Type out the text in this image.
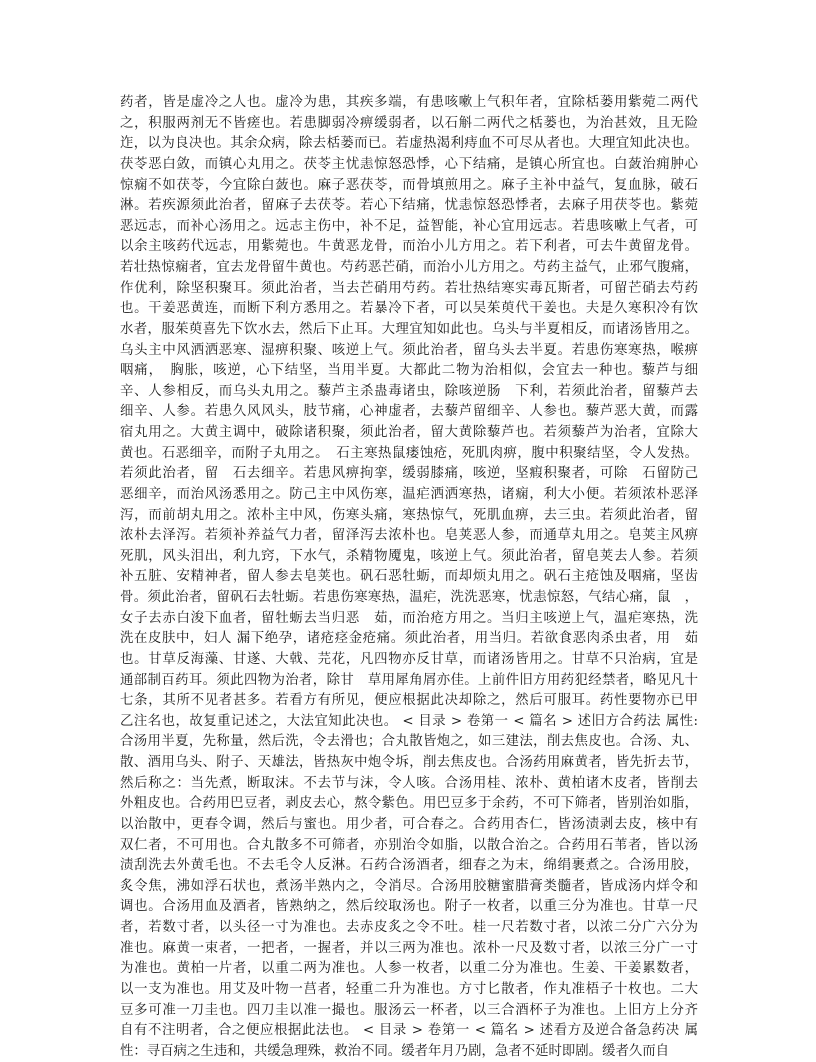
药者，皆是虚冷之人也。虚冷为患，其疾多端，有患咳嗽上气积年者，宜除栝蒌用紫菀二两代
之，积服两剂无不皆瘥也。若患脚弱冷痹缓弱者，以石斛二两代之栝蒌也，为治甚效，且无险
迮，以为良决也。其余众病，除去栝蒌而已。若虚热渴利痔血不可尽从者也。大理宜知此决也。
茯苓恶白敛，而镇心丸用之。茯苓主忧恚惊怒恐悸，心下结痛，是镇心所宜也。白蔹治痈肿心
惊痫不如茯苓，今宜除白蔹也。麻子恶茯苓，而骨填煎用之。麻子主补中益气，复血脉，破石
淋。若疾源须此治者，留麻子去茯苓。若心下结痛，忧恚惊怒恐悸者，去麻子用茯苓也。紫菀
恶远志，而补心汤用之。远志主伤中，补不足，益智能，补心宜用远志。若患咳嗽上气者，可
以余主咳药代远志，用紫菀也。牛黄恶龙骨，而治小儿方用之。若下利者，可去牛黄留龙骨。
若壮热惊痫者，宜去龙骨留牛黄也。芍药恶芒硝，而治小儿方用之。芍药主益气，止邪气腹痛，
作优利，除坚积聚耳。须此治者，当去芒硝用芍药。若壮热结寒实毒瓦斯者，可留芒硝去芍药
也。干姜恶黄连，而断下利方悉用之。若暴冷下者，可以吴茱萸代干姜也。夫是久寒积冷有饮
水者，服茱萸喜先下饮水去，然后下止耳。大理宜知如此也。乌头与半夏相反，而诸汤皆用之。
乌头主中风洒洒恶寒、湿痹积聚、咳逆上气。须此治者，留乌头去半夏。若患伤寒寒热，喉痹
咽痛，　胸胀，咳逆，心下结坚，当用半夏。大都此二物为治相似，会宜去一种也。藜芦与细
辛、人参相反，而乌头丸用之。藜芦主杀蛊毒诸虫，除咳逆肠　下利，若须此治者，留藜芦去
细辛、人参。若患久风风头，肢节痛，心神虚者，去藜芦留细辛、人参也。藜芦恶大黄，而露
宿丸用之。大黄主调中，破除诸积聚，须此治者，留大黄除藜芦也。若须藜芦为治者，宜除大
黄也。石恶细辛，而附子丸用之。　石主寒热鼠瘘蚀疮，死肌肉痹，腹中积聚结坚，令人发热。
若须此治者，留　石去细辛。若患风痹拘挛，缓弱膝痛，咳逆，坚瘕积聚者，可除　石留防己
恶细辛，而治风汤悉用之。防己主中风伤寒，温疟洒洒寒热，诸痫，利大小便。若须浓朴恶泽
泻，而前胡丸用之。浓朴主中风，伤寒头痛，寒热惊气，死肌血痹，去三虫。若须此治者，留
浓朴去泽泻。若须补养益气力者，留泽泻去浓朴也。皂荚恶人参，而通草丸用之。皂荚主风痹
死肌，风头泪出，利九窍，下水气，杀精物魇鬼，咳逆上气。须此治者，留皂荚去人参。若须
补五脏、安精神者，留人参去皂荚也。矾石恶牡蛎，而却烦丸用之。矾石主疮蚀及咽痛，坚齿
骨。须此治者，留矾石去牡蛎。若患伤寒寒热，温疟，洗洗恶寒，忧恚惊怒，气结心痛，鼠　，
女子去赤白浚下血者，留牡蛎去当归恶　茹，而治疮方用之。当归主咳逆上气，温疟寒热，洗
洗在皮肤中，妇人 漏下绝孕，诸疮痉金疮痛。须此治者，用当归。若欲食恶肉杀虫者，用　茹
也。甘草反海藻、甘遂、大戟、芫花，凡四物亦反甘草，而诸汤皆用之。甘草不只治病，宜是
通部制百药耳。须此四物为治者，除甘　草用犀角屑亦佳。上前件旧方用药犯经禁者，略见凡十
七条，其所不见者甚多。若看方有所见，便应根据此决却除之，然后可服耳。药性要物亦已甲
乙注名也，故复重记述之，大法宜知此决也。 < 目录 > 卷第一 < 篇名 > 述旧方合药法 属性:
合汤用半夏，先称量，然后洗，令去滑也；合丸散皆炮之，如三建法，削去焦皮也。合汤、丸、
散、酒用乌头、附子、天雄法，皆热灰中炮令坼，削去焦皮也。合汤药用麻黄者，皆先折去节，
然后称之：当先煮，断取沫。不去节与沫，令人咳。合汤用桂、浓朴、黄柏诸木皮者，皆削去
外粗皮也。合药用巴豆者，剥皮去心，熬令紫色。用巴豆多于余药，不可下筛者，皆别治如脂，
以治散中，更春令调，然后与蜜也。用少者，可合春之。合药用杏仁，皆汤渍剥去皮，核中有
双仁者，不可用也。合丸散多不可筛者，亦别治令如脂，以散合治之。合药用石苇者，皆以汤
渍刮洗去外黄毛也。不去毛令人反淋。石药合汤酒者，细春之为末，绵绢裹煮之。合汤用胶，
炙令焦，沸如浮石状也，煮汤半熟内之，令消尽。合汤用胶糖蜜腊膏类髓者，皆成汤内烊令和
调也。合汤用血及酒者，皆熟纳之，然后绞取汤也。附子一枚者，以重三分为准也。甘草一尺
者，若数寸者，以头径一寸为准也。去赤皮炙之令不吐。桂一尺若数寸者，以浓二分广六分为
准也。麻黄一束者，一把者，一握者，并以三两为准也。浓朴一尺及数寸者，以浓三分广一寸
为准也。黄柏一片者，以重二两为准也。人参一枚者，以重二分为准也。生姜、干姜累数者，
以一支为准也。用艾及叶物一莒者，轻重二升为准也。方寸匕散者，作丸准梧子十枚也。二大
豆多可准一刀圭也。四刀圭以准一撮也。服汤云一杯者，以三合酒杯子为准也。上旧方上分齐
自有不注明者，合之便应根据此法也。 < 目录 > 卷第一 < 篇名 > 述看方及逆合备急药决 属
性：寻百病之生违和，共缓急理殊，救治不同。缓者年月乃剧，急者不延时即剧。缓者久而自
